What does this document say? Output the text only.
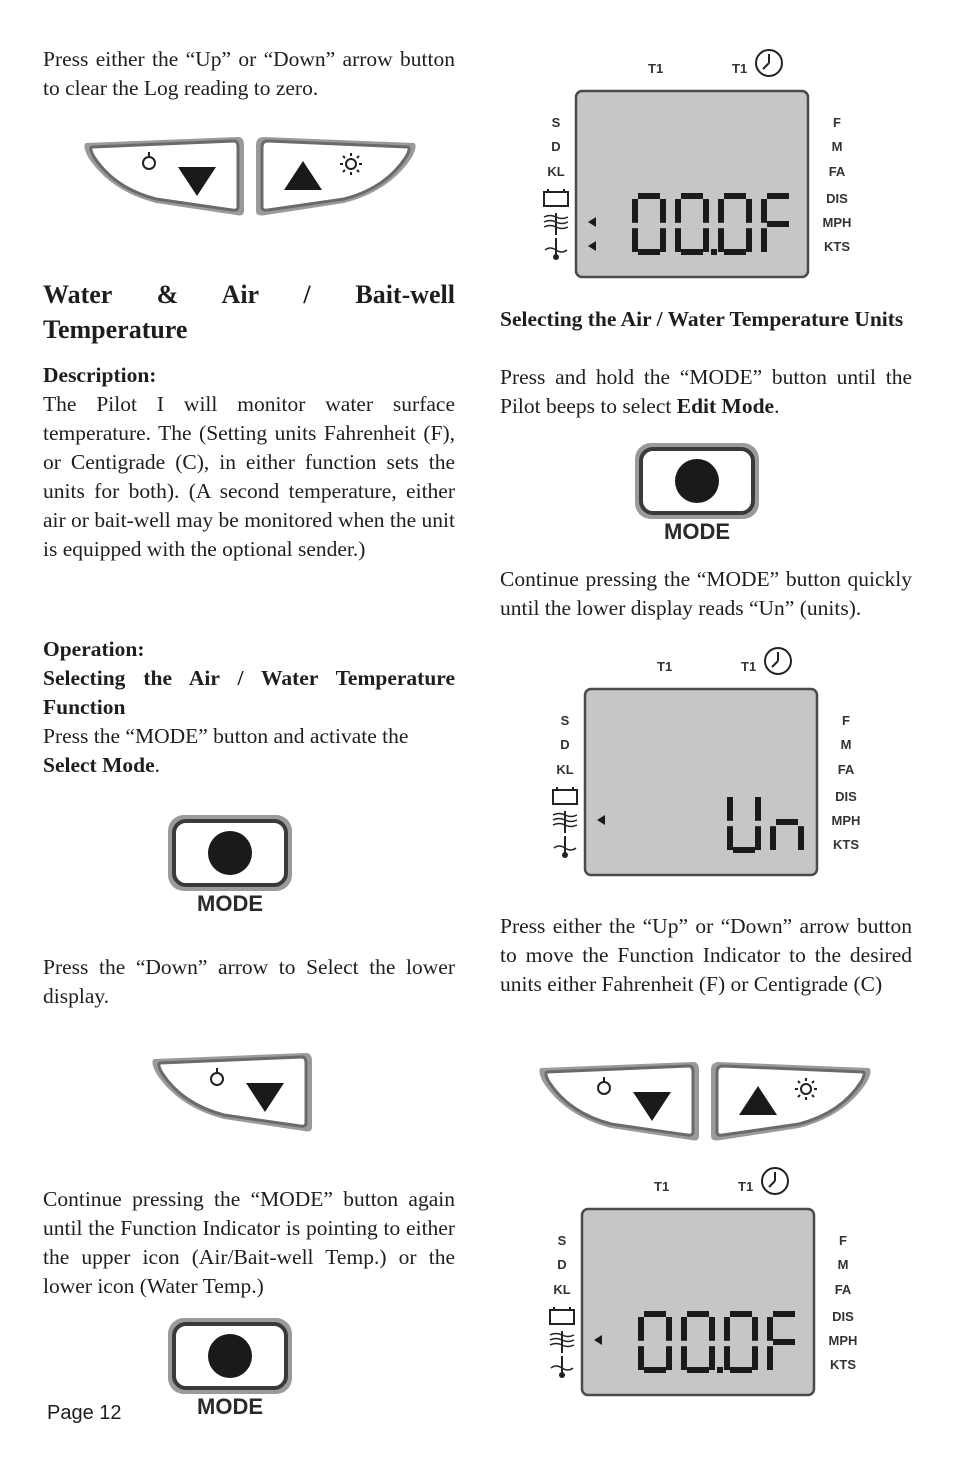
Press either the “Up” or “Down” arrow button to clear the Log reading to zero.

Water & Air / Bait-well
Temperature

Description:

The Pilot I will monitor water surface temperature. The (Setting units Fahrenheit (F), or Centigrade (C), in either function sets the units for both). (A second temperature, either air or bait-well may be monitored when the unit is equipped with the optional sender.)

Operation:

Selecting the Air / Water Temperature Function

Press the “MODE” button and activate the Select Mode.

MODE

Press the “Down” arrow to Select the lower display.

Continue pressing the “MODE” button again until the Function Indicator is pointing to either the upper icon (Air/Bait-well Temp.) or the lower icon (Water Temp.)

MODE
Page 12
T1	T1
S
D
KL
F
M
FA
DIS
MPH
KTS

Selecting the Air / Water Temperature Units

Press and hold the “MODE” button until the Pilot beeps to select Edit Mode.

MODE

Continue pressing the “MODE” button quickly until the lower display reads “Un” (units).

T1	T1
S
D
KL
F
M
FA
DIS
MPH
KTS

Press either the “Up” or “Down” arrow button to move the Function Indicator to the desired units either Fahrenheit (F) or Centigrade (C)

T1	T1
S
D
KL
F
M
FA
DIS
MPH
KTS
